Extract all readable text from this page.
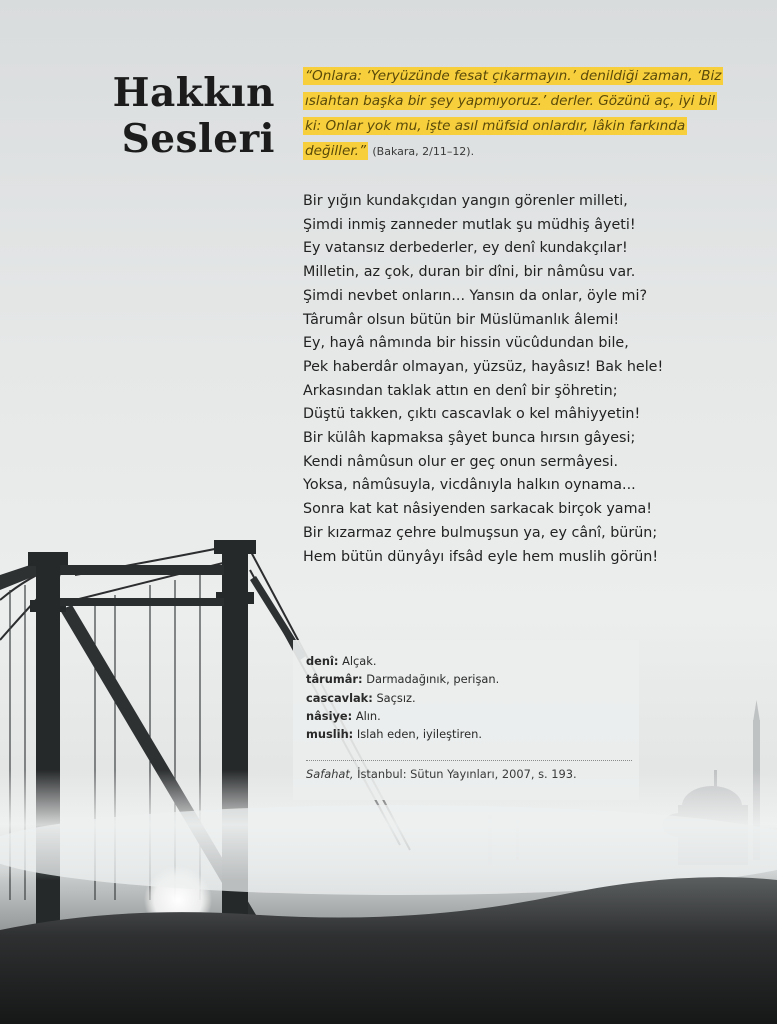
Hakkın
Sesleri
“Onlara: ‘Yeryüzünde fesat çıkarmayın.’ denildiği zaman, ‘Biz ıslahtan başka bir şey yapmıyoruz.’ derler. Gözünü aç, iyi bil ki: Onlar yok mu, işte asıl müfsid onlardır, lâkin farkında değiller.” (Bakara, 2/11–12).
Bir yığın kundakçıdan yangın görenler milleti,
Şimdi inmiş zanneder mutlak şu müdhiş âyeti!
Ey vatansız derbederler, ey denî kundakçılar!
Milletin, az çok, duran bir dîni, bir nâmûsu var.
Şimdi nevbet onların... Yansın da onlar, öyle mi?
Târumâr olsun bütün bir Müslümanlık âlemi!
Ey, hayâ nâmında bir hissin vücûdundan bile,
Pek haberdâr olmayan, yüzsüz, hayâsız! Bak hele!
Arkasından taklak attın en denî bir şöhretin;
Düştü takken, çıktı cascavlak o kel mâhiyyetin!
Bir külâh kapmaksa şâyet bunca hırsın gâyesi;
Kendi nâmûsun olur er geç onun sermâyesi.
Yoksa, nâmûsuyla, vicdânıyla halkın oynama...
Sonra kat kat nâsiyenden sarkacak birçok yama!
Bir kızarmaz çehre bulmuşsun ya, ey cânî, bürün;
Hem bütün dünyâyı ifsâd eyle hem muslih görün!
denî: Alçak.
târumâr: Darmadağınık, perişan.
cascavlak: Saçsız.
nâsiye: Alın.
muslih: Islah eden, iyileştiren.
Safahat, İstanbul: Sütun Yayınları, 2007, s. 193.
